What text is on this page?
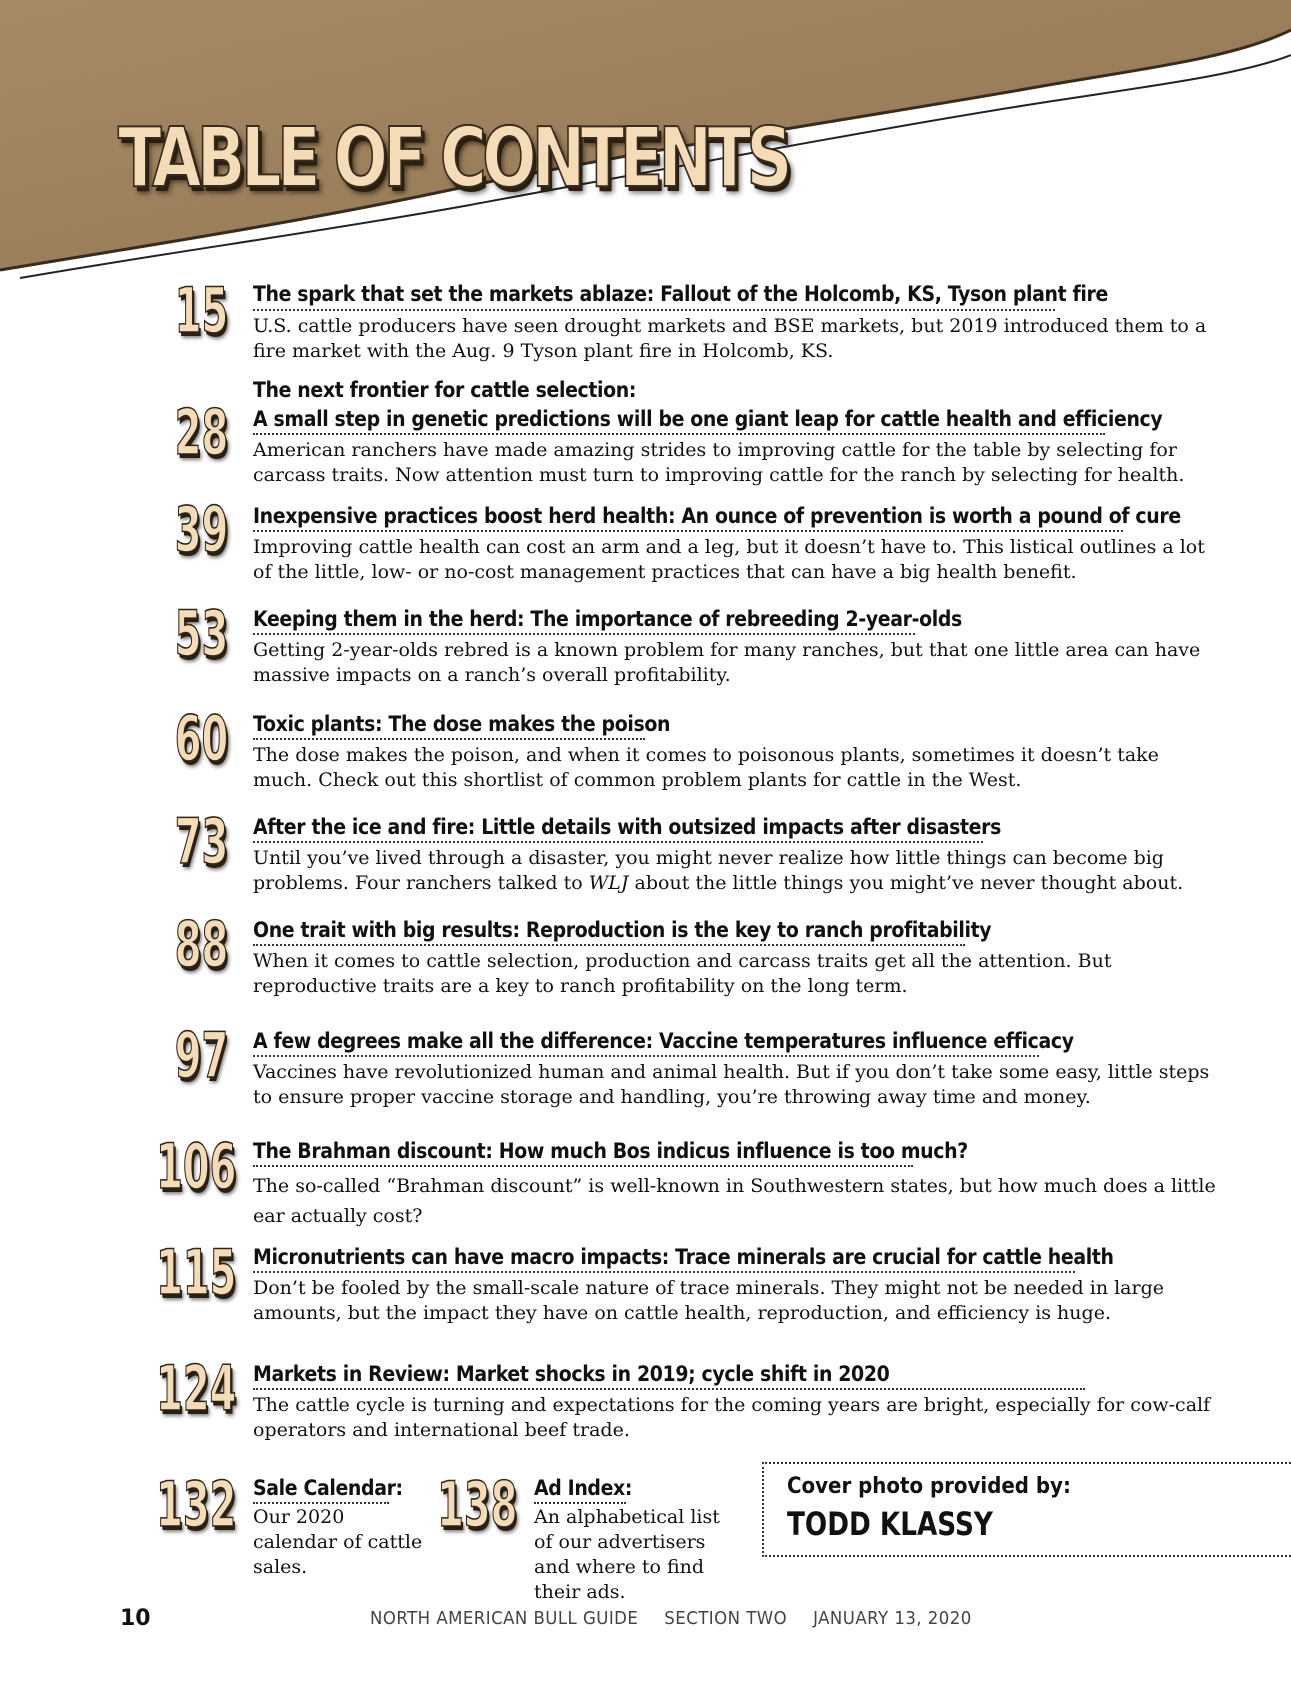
TABLE OF CONTENTS
15 The spark that set the markets ablaze: Fallout of the Holcomb, KS, Tyson plant fire
U.S. cattle producers have seen drought markets and BSE markets, but 2019 introduced them to a fire market with the Aug. 9 Tyson plant fire in Holcomb, KS.
28
The next frontier for cattle selection:
A small step in genetic predictions will be one giant leap for cattle health and efficiency
American ranchers have made amazing strides to improving cattle for the table by selecting for carcass traits. Now attention must turn to improving cattle for the ranch by selecting for health.
39 Inexpensive practices boost herd health: An ounce of prevention is worth a pound of cure
Improving cattle health can cost an arm and a leg, but it doesn’t have to. This listical outlines a lot of the little, low- or no-cost management practices that can have a big health benefit.
53 Keeping them in the herd: The importance of rebreeding 2-year-olds
Getting 2-year-olds rebred is a known problem for many ranches, but that one little area can have massive impacts on a ranch’s overall profitability.
60 Toxic plants: The dose makes the poison
The dose makes the poison, and when it comes to poisonous plants, sometimes it doesn’t take much. Check out this shortlist of common problem plants for cattle in the West.
73 After the ice and fire: Little details with outsized impacts after disasters
Until you’ve lived through a disaster, you might never realize how little things can become big problems. Four ranchers talked to WLJ about the little things you might’ve never thought about.
88 One trait with big results: Reproduction is the key to ranch profitability
When it comes to cattle selection, production and carcass traits get all the attention. But reproductive traits are a key to ranch profitability on the long term.
97 A few degrees make all the difference: Vaccine temperatures influence efficacy
Vaccines have revolutionized human and animal health. But if you don’t take some easy, little steps to ensure proper vaccine storage and handling, you’re throwing away time and money.
106 The Brahman discount: How much Bos indicus influence is too much?
The so-called “Brahman discount” is well-known in Southwestern states, but how much does a little ear actually cost?
115 Micronutrients can have macro impacts: Trace minerals are crucial for cattle health
Don’t be fooled by the small-scale nature of trace minerals. They might not be needed in large amounts, but the impact they have on cattle health, reproduction, and efficiency is huge.
124 Markets in Review: Market shocks in 2019; cycle shift in 2020
The cattle cycle is turning and expectations for the coming years are bright, especially for cow-calf operators and international beef trade.
132 Sale Calendar:
Our 2020 calendar of cattle sales.
138 Ad Index:
An alphabetical list of our advertisers and where to find their ads.
Cover photo provided by:
TODD KLASSY
10	NORTH AMERICAN BULL GUIDE SECTION TWO JANUARY 13, 2020
